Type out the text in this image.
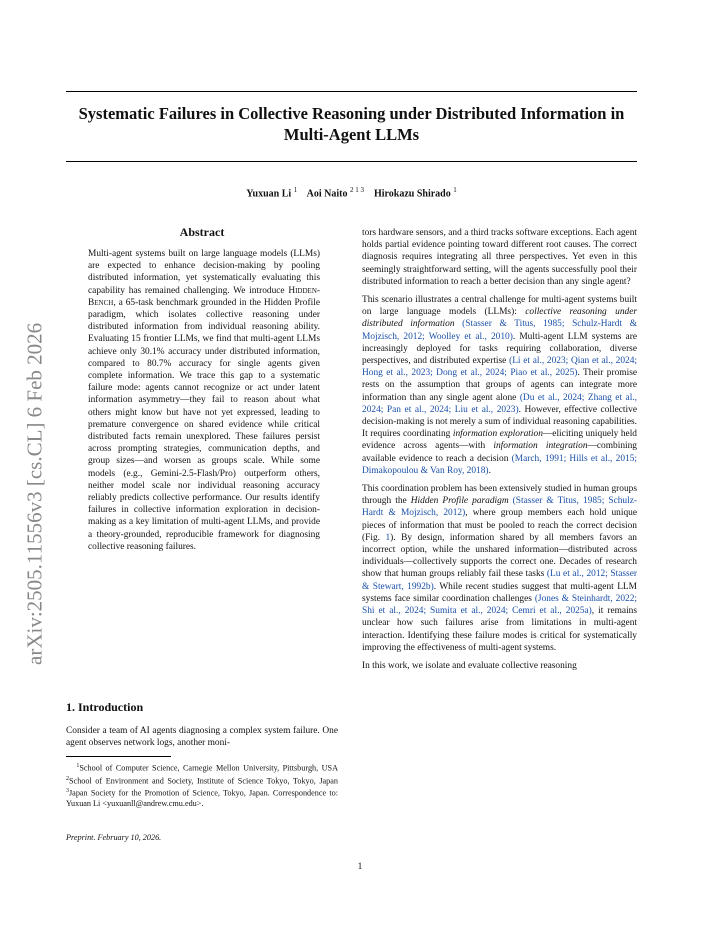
Systematic Failures in Collective Reasoning under Distributed Information in Multi-Agent LLMs
Yuxuan Li $^1$ Aoi Naito $^{2 1 3}$ Hirokazu Shirado $^1$
arXiv:2505.11556v3 [cs.CL] 6 Feb 2026
Abstract
Multi-agent systems built on large language models (LLMs) are expected to enhance decision-making by pooling distributed information, yet systematically evaluating this capability has remained challenging. We introduce Hidden-Bench, a 65-task benchmark grounded in the Hidden Profile paradigm, which isolates collective reasoning under distributed information from individual reasoning ability. Evaluating 15 frontier LLMs, we find that multi-agent LLMs achieve only 30.1% accuracy under distributed information, compared to 80.7% accuracy for single agents given complete information. We trace this gap to a systematic failure mode: agents cannot recognize or act under latent information asymmetry—they fail to reason about what others might know but have not yet expressed, leading to premature convergence on shared evidence while critical distributed facts remain unexplored. These failures persist across prompting strategies, communication depths, and group sizes—and worsen as groups scale. While some models (e.g., Gemini-2.5-Flash/Pro) outperform others, neither model scale nor individual reasoning accuracy reliably predicts collective performance. Our results identify failures in collective information exploration in decision-making as a key limitation of multi-agent LLMs, and provide a theory-grounded, reproducible framework for diagnosing collective reasoning failures.
1. Introduction
Consider a team of AI agents diagnosing a complex system failure. One agent observes network logs, another moni-
$^1$School of Computer Science, Carnegie Mellon University, Pittsburgh, USA $^2$School of Environment and Society, Institute of Science Tokyo, Tokyo, Japan $^3$Japan Society for the Promotion of Science, Tokyo, Japan. Correspondence to: Yuxuan Li <yuxuanll@andrew.cmu.edu>.
Preprint. February 10, 2026.

tors hardware sensors, and a third tracks software exceptions. Each agent holds partial evidence pointing toward different root causes. The correct diagnosis requires integrating all three perspectives. Yet even in this seemingly straightforward setting, will the agents successfully pool their distributed information to reach a better decision than any single agent?

This scenario illustrates a central challenge for multi-agent systems built on large language models (LLMs): collective reasoning under distributed information (Stasser & Titus, 1985; Schulz-Hardt & Mojzisch, 2012; Woolley et al., 2010). Multi-agent LLM systems are increasingly deployed for tasks requiring collaboration, diverse perspectives, and distributed expertise (Li et al., 2023; Qian et al., 2024; Hong et al., 2023; Dong et al., 2024; Piao et al., 2025). Their promise rests on the assumption that groups of agents can integrate more information than any single agent alone (Du et al., 2024; Zhang et al., 2024; Pan et al., 2024; Liu et al., 2023). However, effective collective decision-making is not merely a sum of individual reasoning capabilities. It requires coordinating information exploration—eliciting uniquely held evidence across agents—with information integration—combining available evidence to reach a decision (March, 1991; Hills et al., 2015; Dimakopoulou & Van Roy, 2018).

This coordination problem has been extensively studied in human groups through the Hidden Profile paradigm (Stasser & Titus, 1985; Schulz-Hardt & Mojzisch, 2012), where group members each hold unique pieces of information that must be pooled to reach the correct decision (Fig. 1). By design, information shared by all members favors an incorrect option, while the unshared information—distributed across individuals—collectively supports the correct one. Decades of research show that human groups reliably fail these tasks (Lu et al., 2012; Stasser & Stewart, 1992b). While recent studies suggest that multi-agent LLM systems face similar coordination challenges (Jones & Steinhardt, 2022; Shi et al., 2024; Sumita et al., 2024; Cemri et al., 2025a), it remains unclear how such failures arise from limitations in multi-agent interaction. Identifying these failure modes is critical for systematically improving the effectiveness of multi-agent systems.

In this work, we isolate and evaluate collective reasoning

1
